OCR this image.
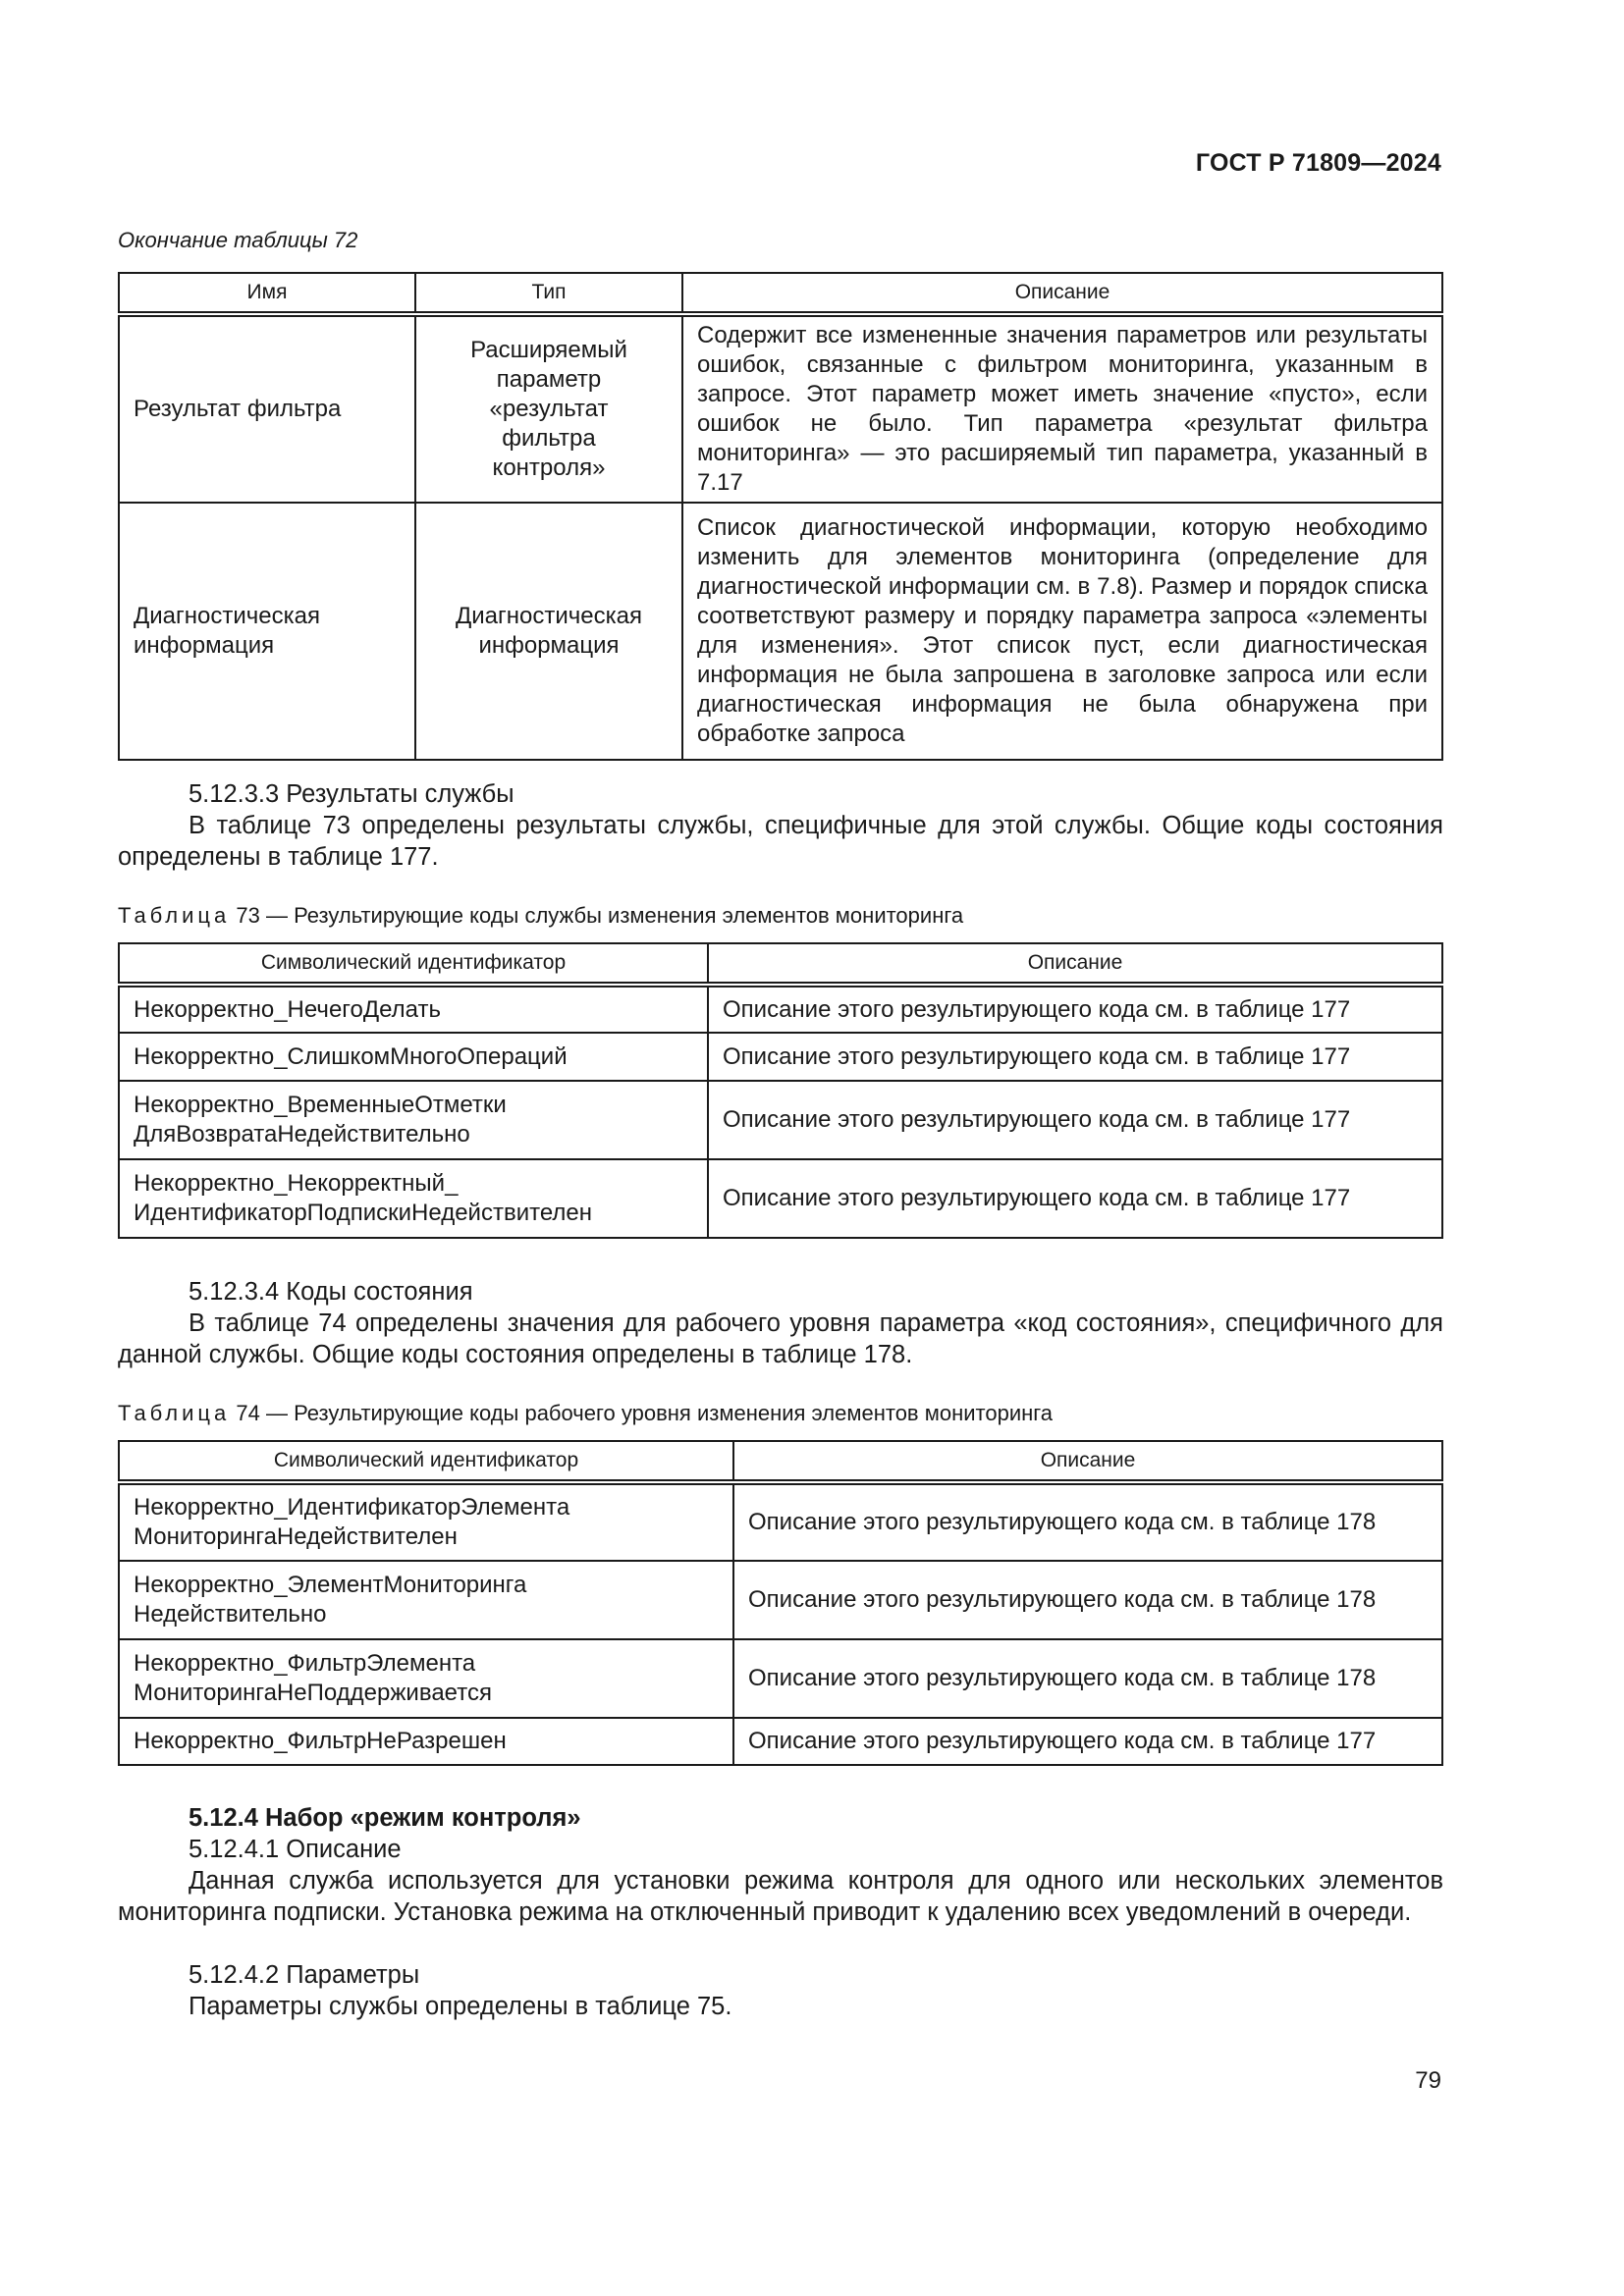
ГОСТ Р 71809—2024
Окончание таблицы 72
Имя	Тип	Описание
Результат фильтра	Расширяемый параметр «результат фильтра контроля»	Содержит все измененные значения параметров или результаты ошибок, связанные с фильтром мониторинга, указанным в запросе. Этот параметр может иметь значение «пусто», если ошибок не было. Тип параметра «результат фильтра мониторинга» — это расширяемый тип параметра, указанный в 7.17
Диагностическая информация	Диагностическая информация	Список диагностической информации, которую необходимо изменить для элементов мониторинга (определение для диагностической информации см. в 7.8). Размер и порядок списка соответствуют размеру и порядку параметра запроса «элементы для изменения». Этот список пуст, если диагностическая информация не была запрошена в заголовке запроса или если диагностическая информация не была обнаружена при обработке запроса
5.12.3.3 Результаты службы
В таблице 73 определены результаты службы, специфичные для этой службы. Общие коды состояния определены в таблице 177.
Таблица 73 — Результирующие коды службы изменения элементов мониторинга
Символический идентификатор	Описание
Некорректно_НечегоДелать	Описание этого результирующего кода см. в таблице 177
Некорректно_СлишкомМногоОпераций	Описание этого результирующего кода см. в таблице 177
Некорректно_ВременныеОтметки ДляВозвратаНедействительно	Описание этого результирующего кода см. в таблице 177
Некорректно_Некорректный_ ИдентификаторПодпискиНедействителен	Описание этого результирующего кода см. в таблице 177
5.12.3.4 Коды состояния
В таблице 74 определены значения для рабочего уровня параметра «код состояния», специфичного для данной службы. Общие коды состояния определены в таблице 178.
Таблица 74 — Результирующие коды рабочего уровня изменения элементов мониторинга
Символический идентификатор	Описание
Некорректно_ИдентификаторЭлемента МониторингаНедействителен	Описание этого результирующего кода см. в таблице 178
Некорректно_ЭлементМониторинга Недействительно	Описание этого результирующего кода см. в таблице 178
Некорректно_ФильтрЭлемента МониторингаНеПоддерживается	Описание этого результирующего кода см. в таблице 178
Некорректно_ФильтрНеРазрешен	Описание этого результирующего кода см. в таблице 177
5.12.4 Набор «режим контроля»
5.12.4.1 Описание
Данная служба используется для установки режима контроля для одного или нескольких элементов мониторинга подписки. Установка режима на отключенный приводит к удалению всех уведомлений в очереди.
5.12.4.2 Параметры
Параметры службы определены в таблице 75.
79
